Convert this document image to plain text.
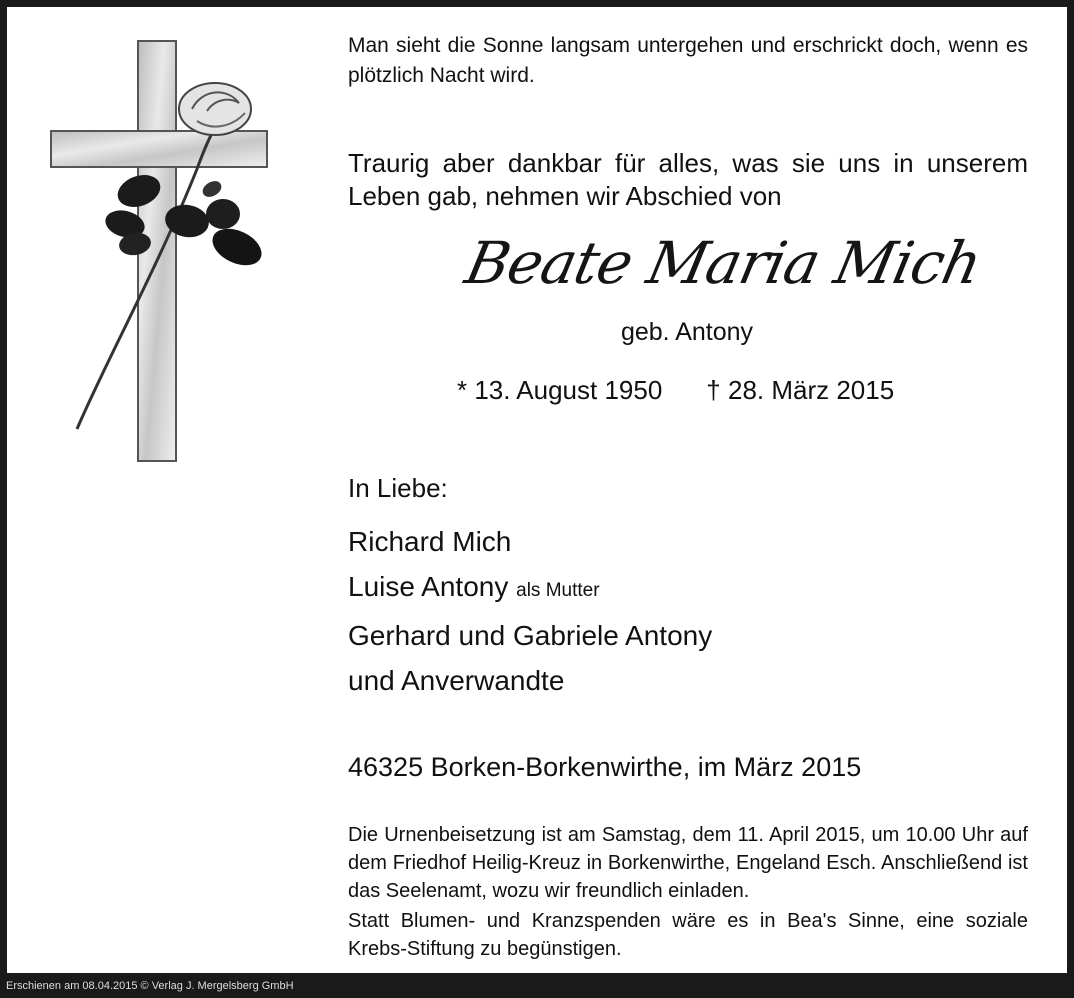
Man sieht die Sonne langsam untergehen und erschrickt doch, wenn es plötzlich Nacht wird.
Traurig aber dankbar für alles, was sie uns in unserem Leben gab, nehmen wir Abschied von
Beate Maria Mich
geb. Antony
* 13. August 1950 † 28. März 2015
In Liebe:
Richard Mich
Luise Antony als Mutter
Gerhard und Gabriele Antony
und Anverwandte
46325 Borken-Borkenwirthe, im März 2015
Die Urnenbeisetzung ist am Samstag, dem 11. April 2015, um 10.00 Uhr auf dem Friedhof Heilig-Kreuz in Borkenwirthe, Engeland Esch. Anschließend ist das Seelenamt, wozu wir freundlich einladen.
Statt Blumen- und Kranzspenden wäre es in Bea's Sinne, eine soziale Krebs-Stiftung zu begünstigen.
Erschienen am 08.04.2015 © Verlag J. Mergelsberg GmbH
